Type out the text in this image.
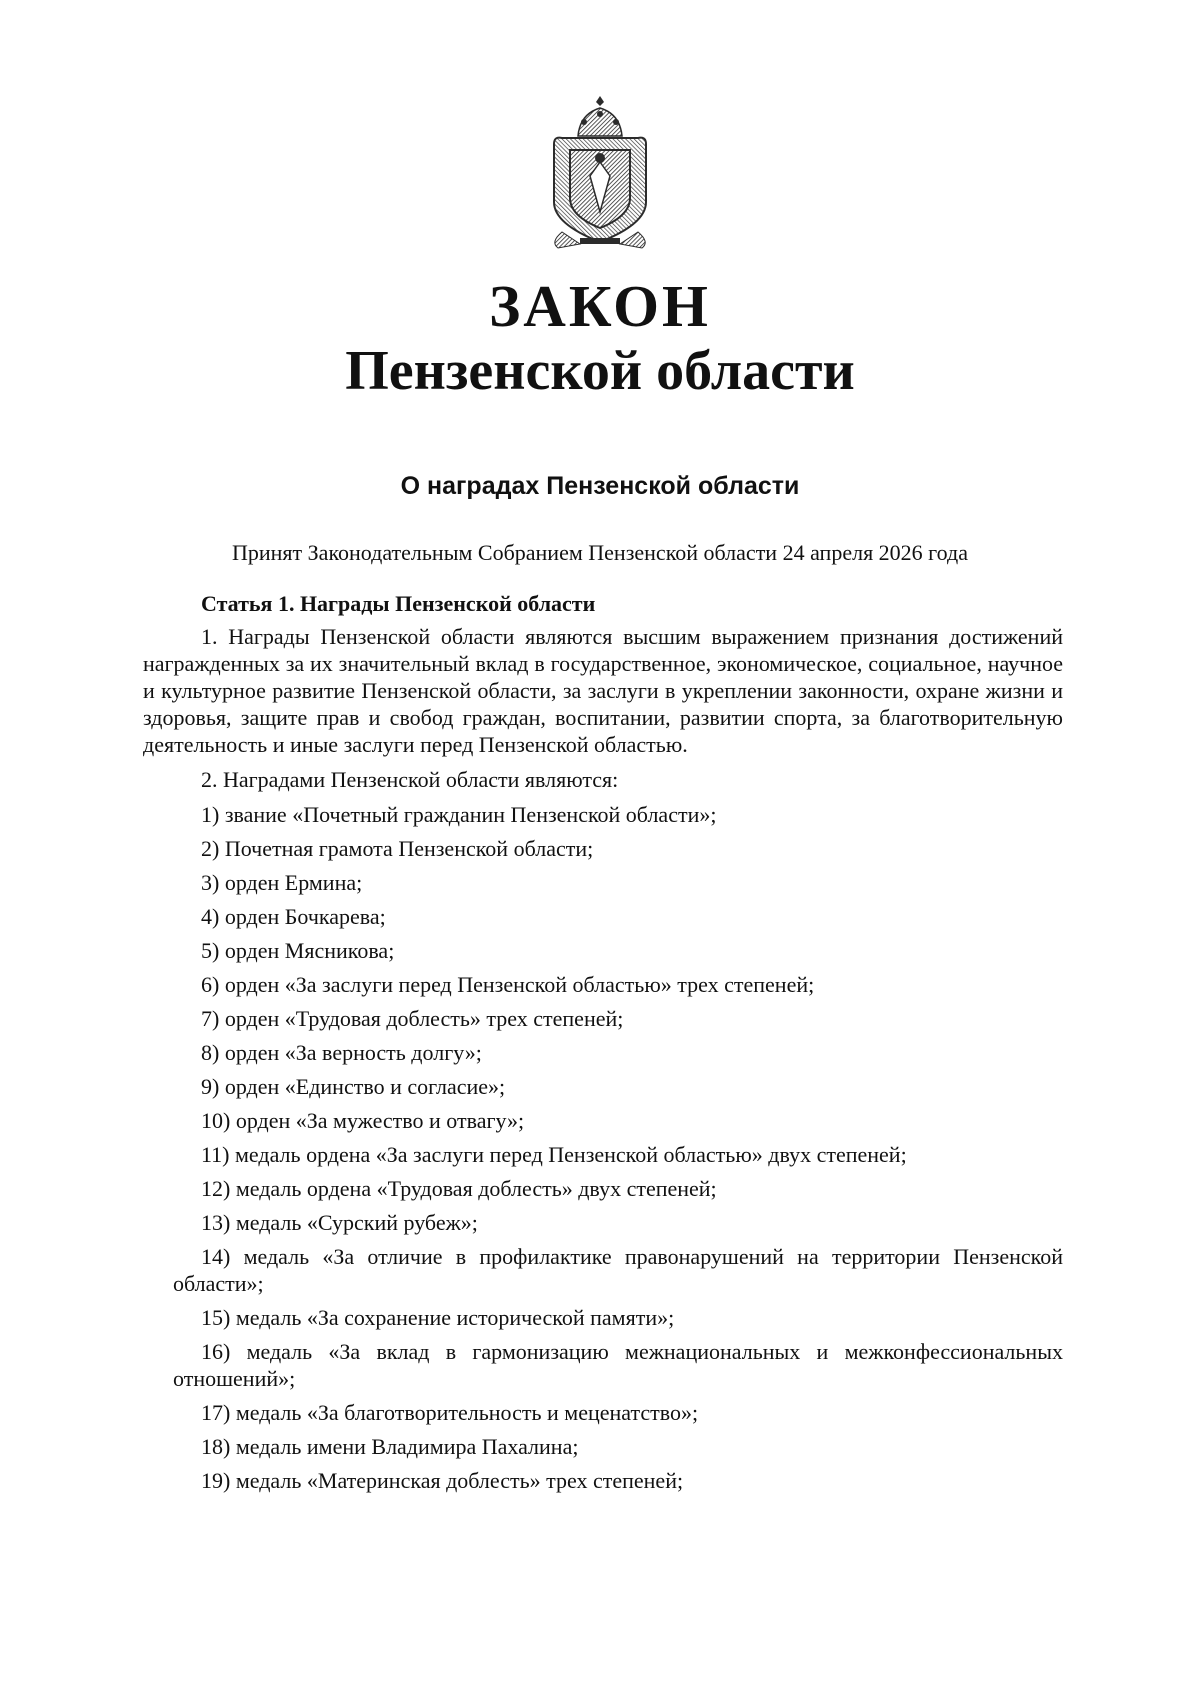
ЗАКОН
Пензенской области
О наградах Пензенской области
Принят Законодательным Собранием Пензенской области 24 апреля 2026 года
Статья 1. Награды Пензенской области

1. Награды Пензенской области являются высшим выражением признания достижений награжденных за их значительный вклад в государственное, экономическое, социальное, научное и культурное развитие Пензенской области, за заслуги в укреплении законности, охране жизни и здоровья, защите прав и свобод граждан, воспитании, развитии спорта, за благотворительную деятельность и иные заслуги перед Пензенской областью.

2. Наградами Пензенской области являются:

1) звание «Почетный гражданин Пензенской области»;
2) Почетная грамота Пензенской области;
3) орден Ермина;
4) орден Бочкарева;
5) орден Мясникова;
6) орден «За заслуги перед Пензенской областью» трех степеней;
7) орден «Трудовая доблесть» трех степеней;
8) орден «За верность долгу»;
9) орден «Единство и согласие»;
10) орден «За мужество и отвагу»;
11) медаль ордена «За заслуги перед Пензенской областью» двух степеней;
12) медаль ордена «Трудовая доблесть» двух степеней;
13) медаль «Сурский рубеж»;
14) медаль «За отличие в профилактике правонарушений на территории Пензенской области»;
15) медаль «За сохранение исторической памяти»;
16) медаль «За вклад в гармонизацию межнациональных и межконфессиональных отношений»;
17) медаль «За благотворительность и меценатство»;
18) медаль имени Владимира Пахалина;
19) медаль «Материнская доблесть» трех степеней;
